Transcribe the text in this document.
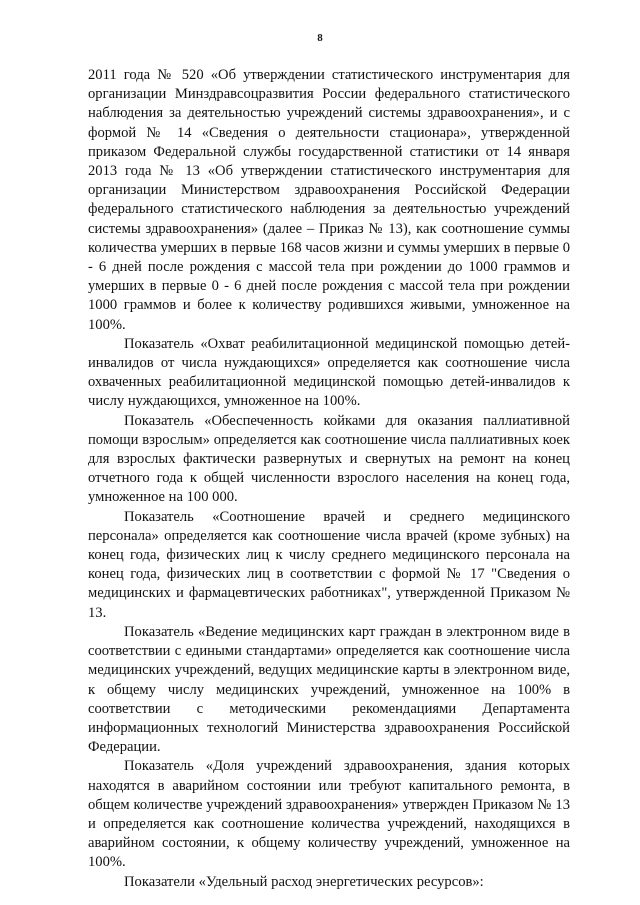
8

2011 года № 520 «Об утверждении статистического инструментария для организации Минздравсоцразвития России федерального статистического наблюдения за деятельностью учреждений системы здравоохранения», и с формой № 14 «Сведения о деятельности стационара», утвержденной приказом Федеральной службы государственной статистики от 14 января 2013 года № 13 «Об утверждении статистического инструментария для организации Министерством здравоохранения Российской Федерации федерального статистического наблюдения за деятельностью учреждений системы здравоохранения» (далее – Приказ № 13), как соотношение суммы количества умерших в первые 168 часов жизни и суммы умерших в первые 0 - 6 дней после рождения с массой тела при рождении до 1000 граммов и умерших в первые 0 - 6 дней после рождения с массой тела при рождении 1000 граммов и более к количеству родившихся живыми, умноженное на 100%.

Показатель «Охват реабилитационной медицинской помощью детей-инвалидов от числа нуждающихся» определяется как соотношение числа охваченных реабилитационной медицинской помощью детей-инвалидов к числу нуждающихся, умноженное на 100%.

Показатель «Обеспеченность койками для оказания паллиативной помощи взрослым» определяется как соотношение числа паллиативных коек для взрослых фактически развернутых и свернутых на ремонт на конец отчетного года к общей численности взрослого населения на конец года, умноженное на 100 000.

Показатель «Соотношение врачей и среднего медицинского персонала» определяется как соотношение числа врачей (кроме зубных) на конец года, физических лиц к числу среднего медицинского персонала на конец года, физических лиц в соответствии с формой № 17 "Сведения о медицинских и фармацевтических работниках", утвержденной Приказом № 13.

Показатель «Ведение медицинских карт граждан в электронном виде в соответствии с едиными стандартами» определяется как соотношение числа медицинских учреждений, ведущих медицинские карты в электронном виде, к общему числу медицинских учреждений, умноженное на 100% в соответствии с методическими рекомендациями Департамента информационных технологий Министерства здравоохранения Российской Федерации.

Показатель «Доля учреждений здравоохранения, здания которых находятся в аварийном состоянии или требуют капитального ремонта, в общем количестве учреждений здравоохранения» утвержден Приказом № 13 и определяется как соотношение количества учреждений, находящихся в аварийном состоянии, к общему количеству учреждений, умноженное на 100%.

Показатели «Удельный расход энергетических ресурсов»:
